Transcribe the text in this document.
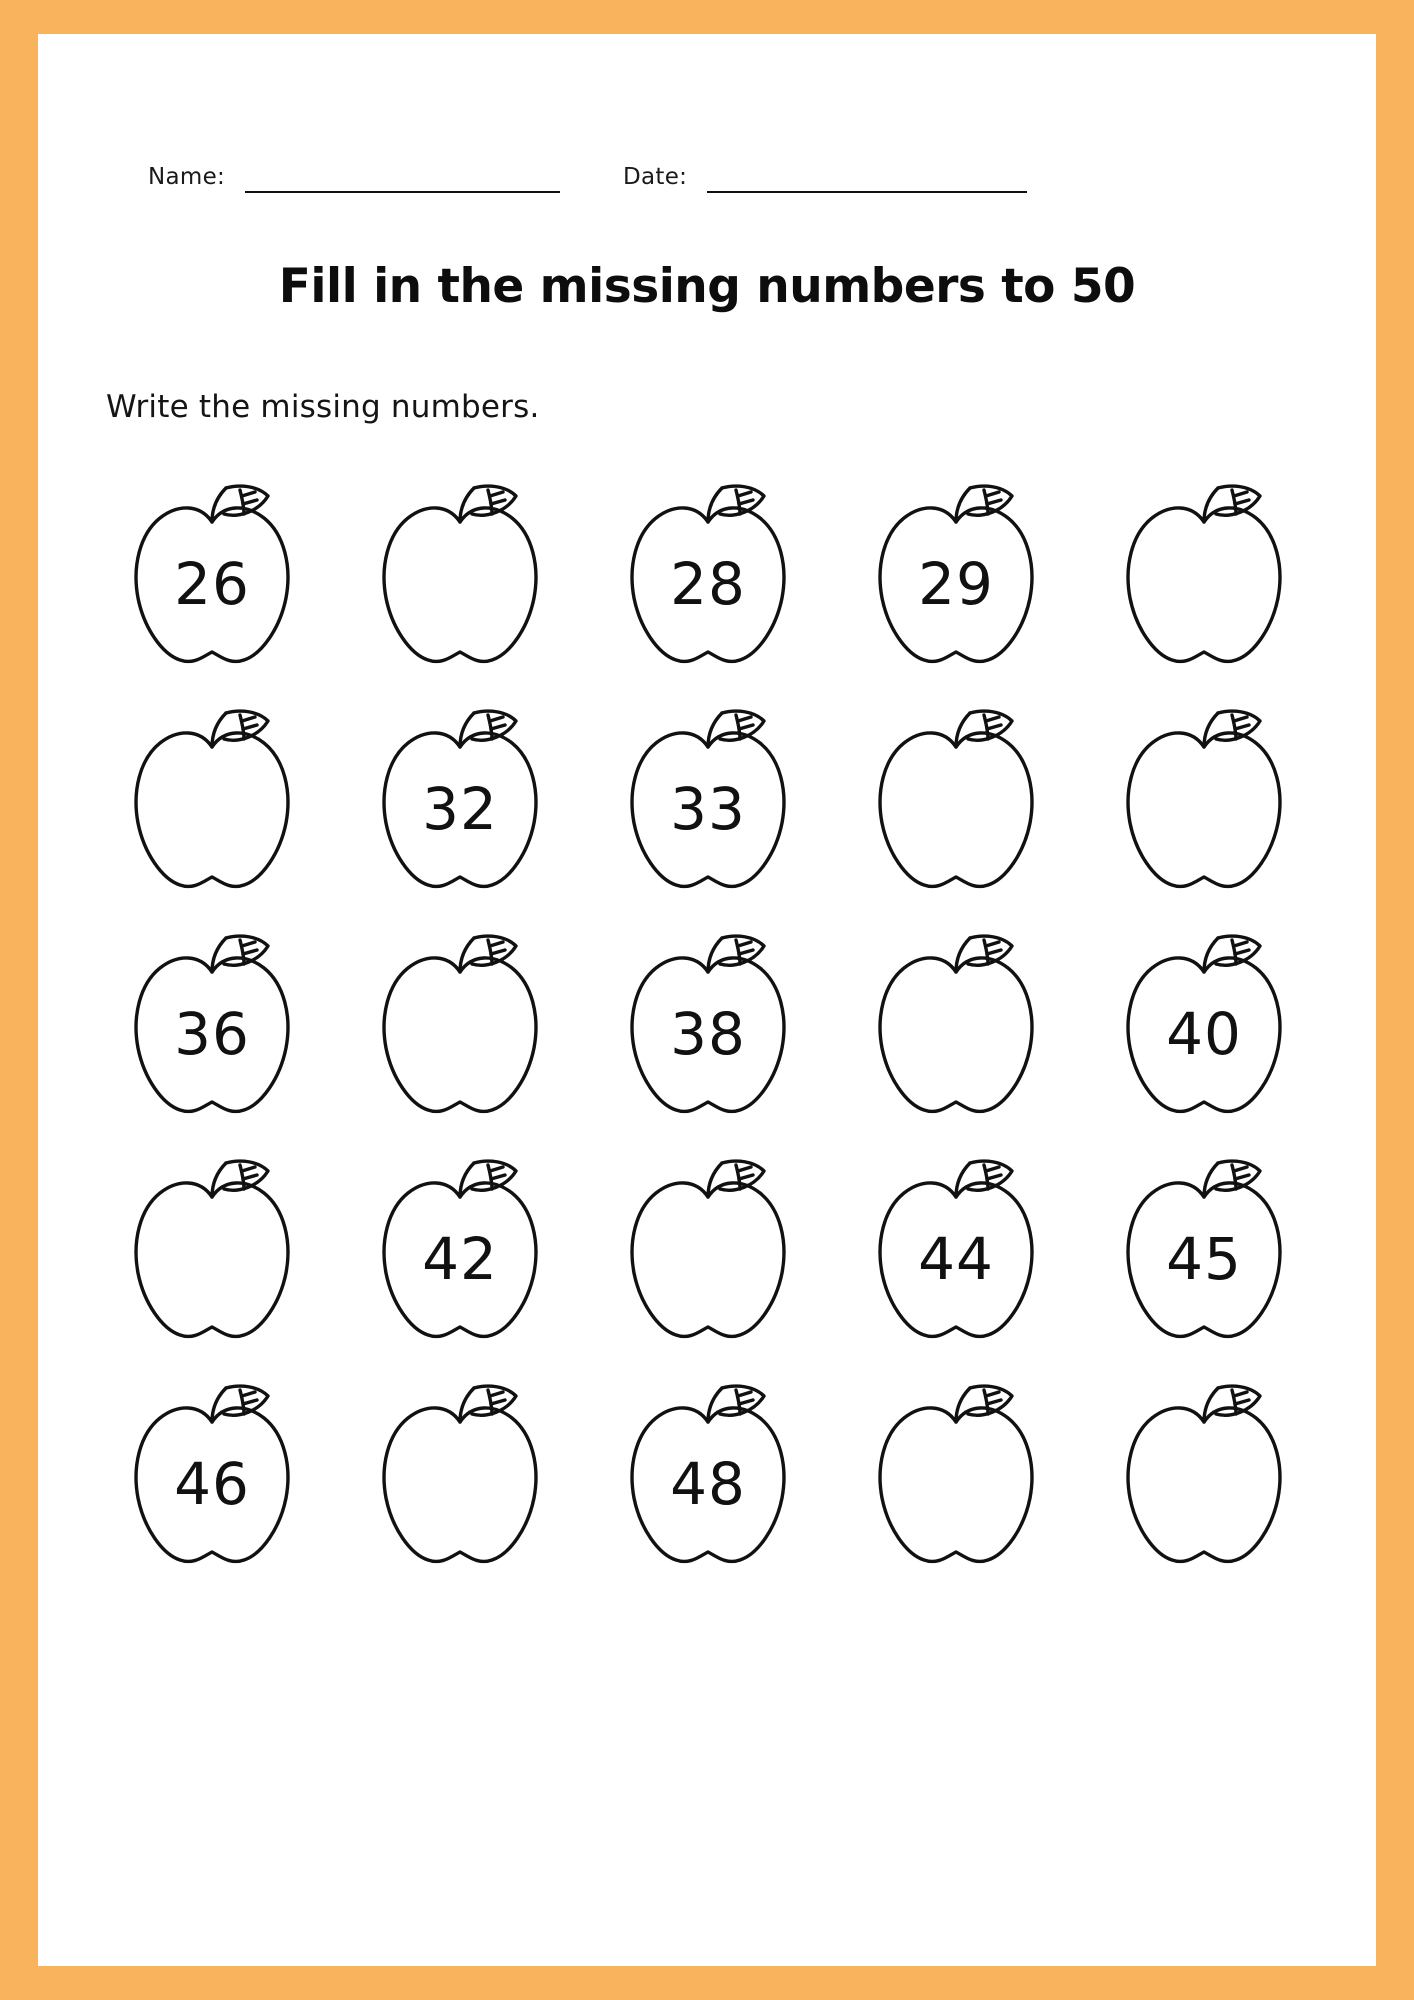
Name:	Date:
Fill in the missing numbers to 50
Write the missing numbers.
26	28	29
32	33
36	38	40
42	44	45
46	48
